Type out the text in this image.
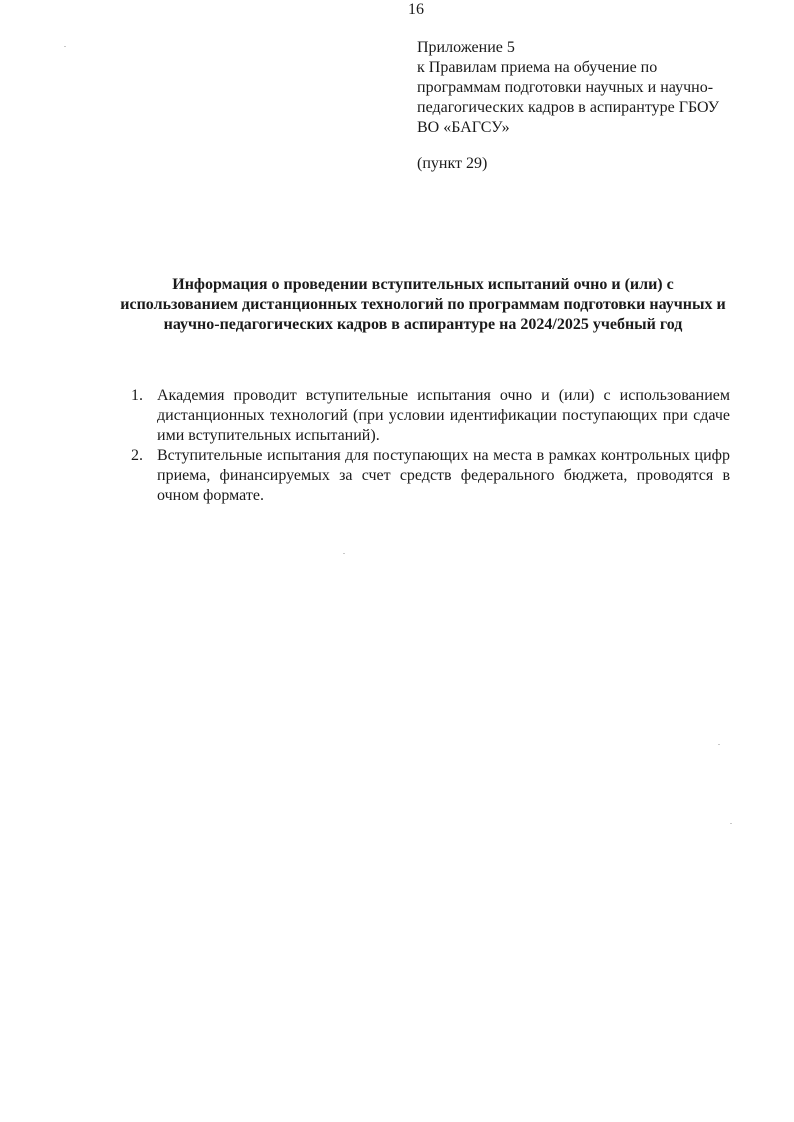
16
Приложение 5
к Правилам приема на обучение по
программам подготовки научных и научно-
педагогических кадров в аспирантуре ГБОУ
ВО «БАГСУ»
(пункт 29)
Информация о проведении вступительных испытаний очно и (или) с
использованием дистанционных технологий по программам подготовки научных и
научно-педагогических кадров в аспирантуре на 2024/2025 учебный год
1. Академия проводит вступительные испытания очно и (или) с использованием
дистанционных технологий (при условии идентификации поступающих при сдаче
ими вступительных испытаний).
2. Вступительные испытания для поступающих на места в рамках контрольных цифр
приема, финансируемых за счет средств федерального бюджета, проводятся в
очном формате.
